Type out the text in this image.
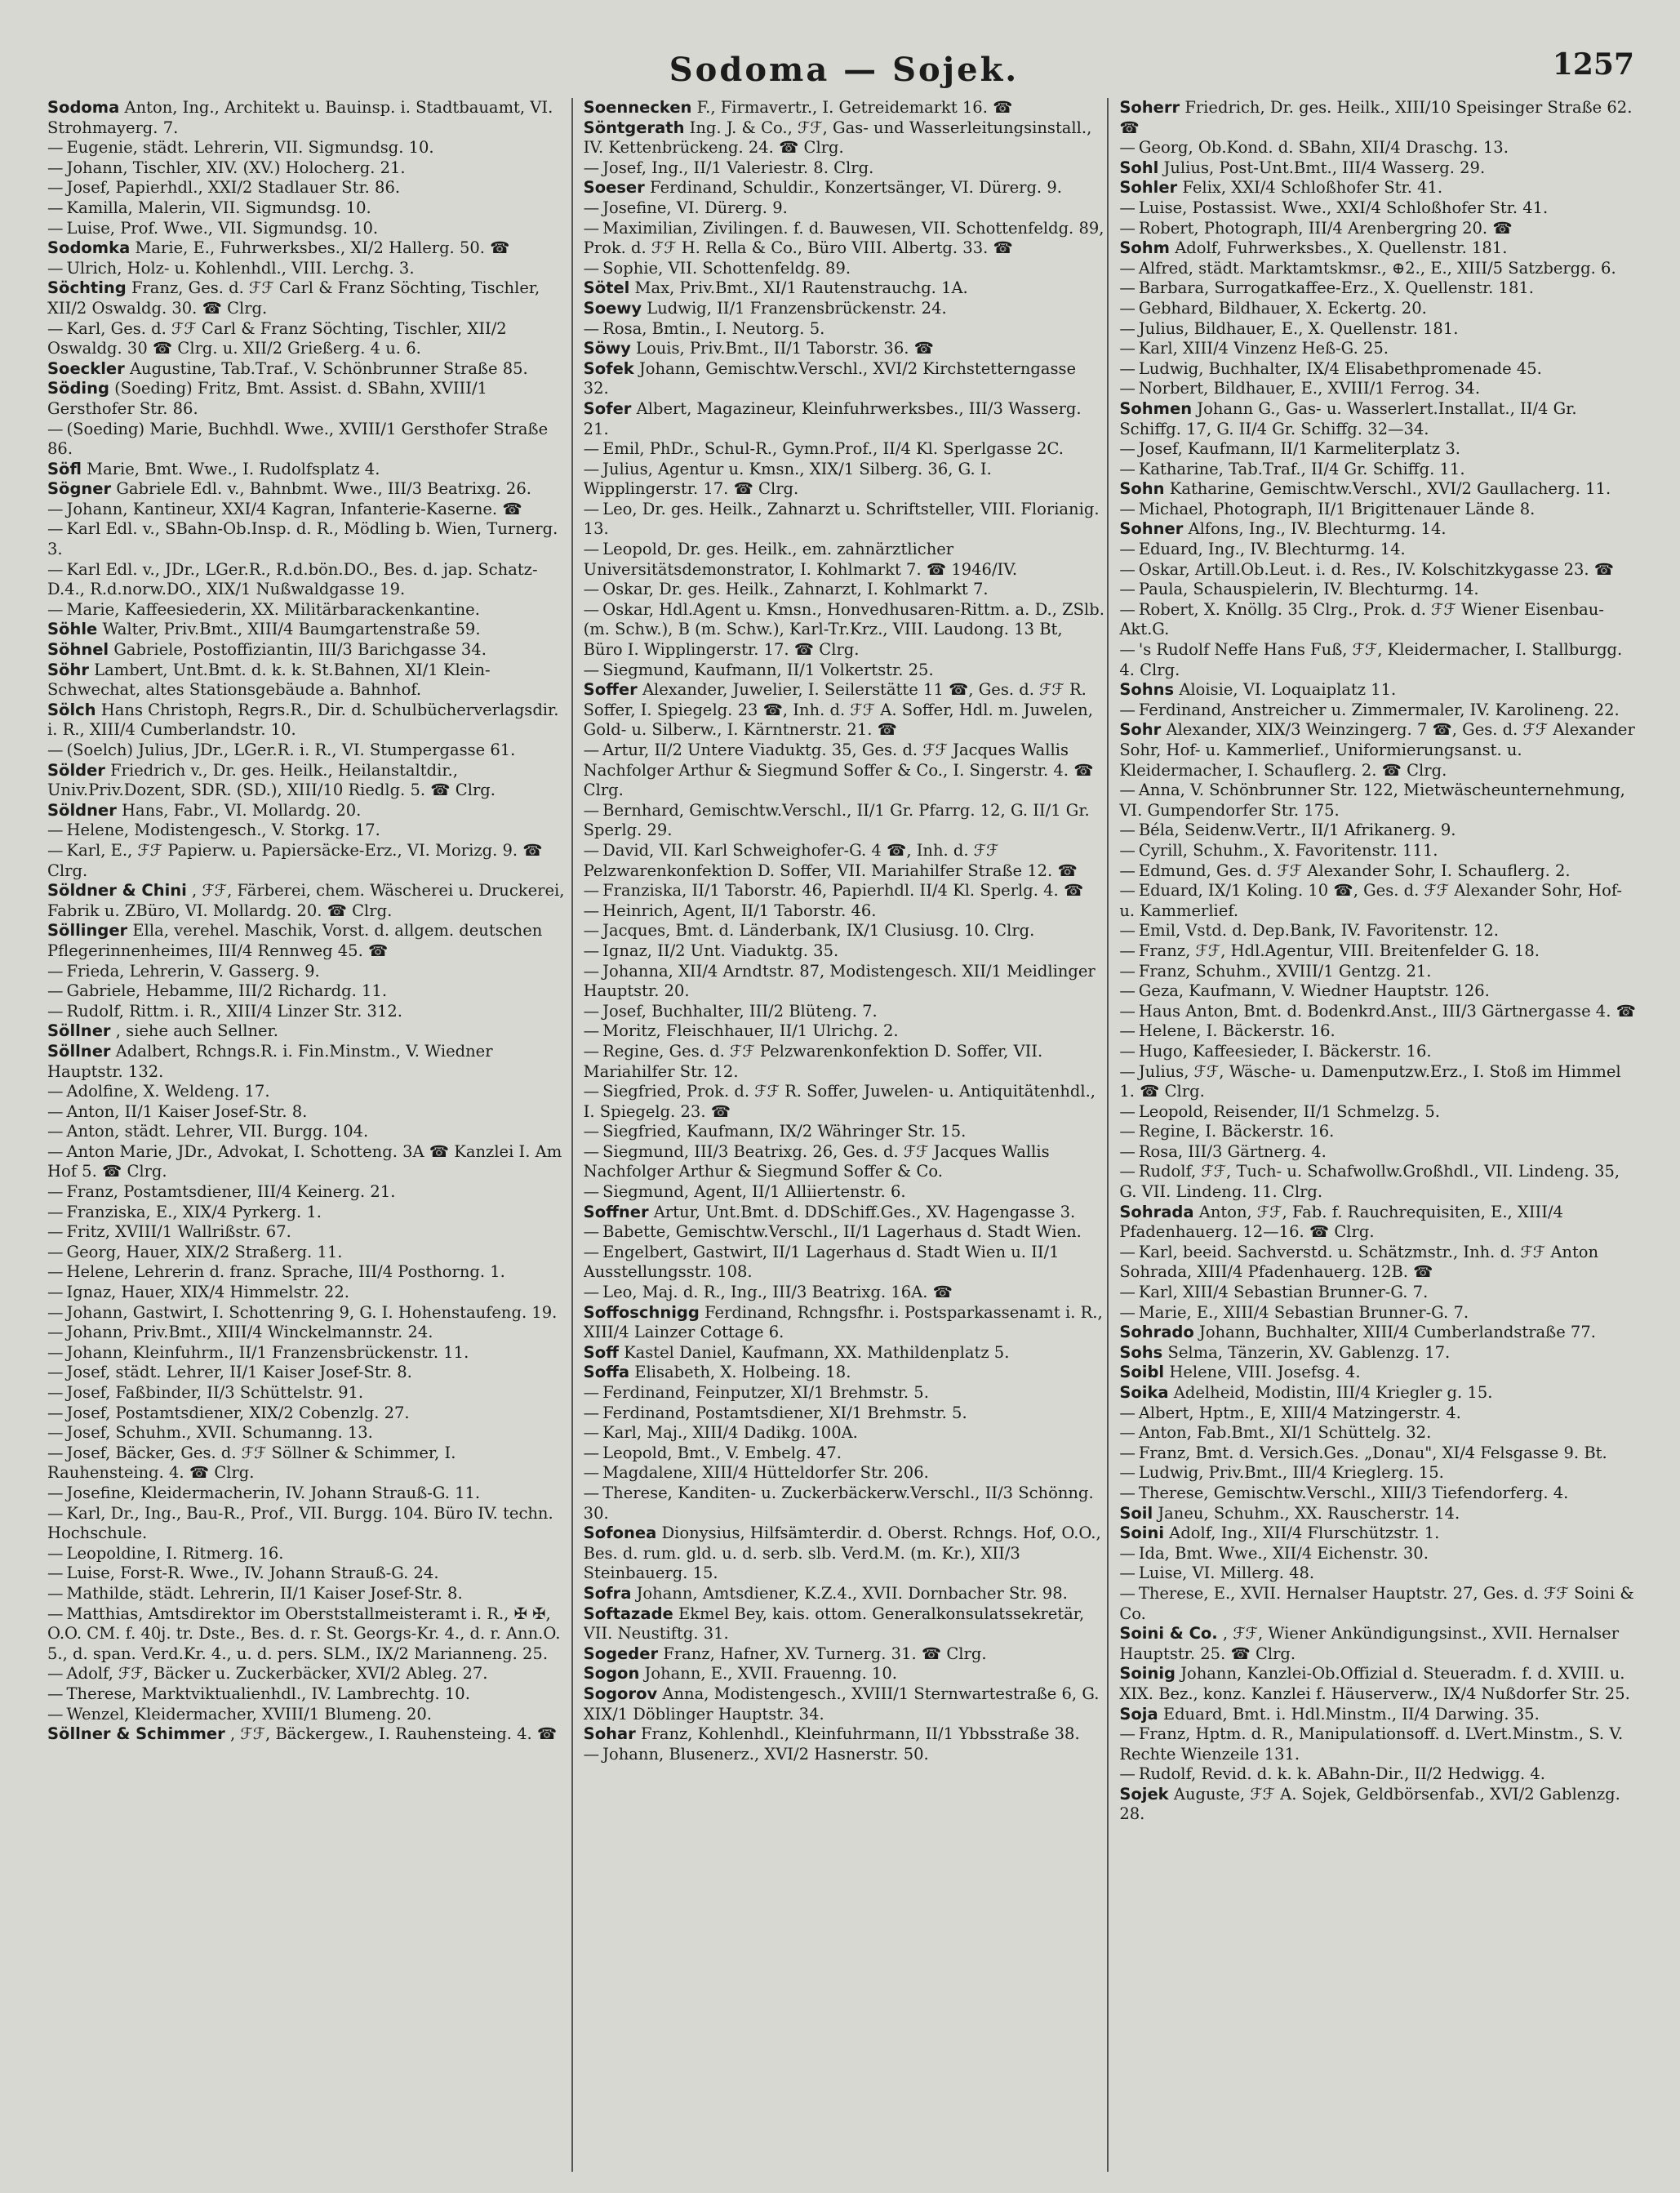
Sodoma — Sojek.	1257

Sodoma Anton, Ing., Architekt u. Bauinsp. i. Stadtbauamt, VI. Strohmayerg. 7.

— Eugenie, städt. Lehrerin, VII. Sigmundsg. 10.

— Johann, Tischler, XIV. (XV.) Holocherg. 21.

— Josef, Papierhdl., XXI/2 Stadlauer Str. 86.

— Kamilla, Malerin, VII. Sigmundsg. 10.

— Luise, Prof. Wwe., VII. Sigmundsg. 10.

Sodomka Marie, E., Fuhrwerksbes., XI/2 Hallerg. 50. ☎

— Ulrich, Holz- u. Kohlenhdl., VIII. Lerchg. 3.

Söchting Franz, Ges. d. ℱℱ Carl & Franz Söchting, Tischler, XII/2 Oswaldg. 30. ☎ Clrg.

— Karl, Ges. d. ℱℱ Carl & Franz Söchting, Tischler, XII/2 Oswaldg. 30 ☎ Clrg. u. XII/2 Grießerg. 4 u. 6.

Soeckler Augustine, Tab.Traf., V. Schönbrunner Straße 85.

Söding (Soeding) Fritz, Bmt. Assist. d. SBahn, XVIII/1 Gersthofer Str. 86.

— (Soeding) Marie, Buchhdl. Wwe., XVIII/1 Gersthofer Straße 86.

Söfl Marie, Bmt. Wwe., I. Rudolfsplatz 4.

Sögner Gabriele Edl. v., Bahnbmt. Wwe., III/3 Beatrixg. 26.

— Johann, Kantineur, XXI/4 Kagran, Infanterie-Kaserne. ☎

— Karl Edl. v., SBahn-Ob.Insp. d. R., Mödling b. Wien, Turnerg. 3.

— Karl Edl. v., JDr., LGer.R., R.d.bön.DO., Bes. d. jap. Schatz-D.4., R.d.norw.DO., XIX/1 Nußwaldgasse 19.

— Marie, Kaffeesiederin, XX. Militärbarackenkantine.

Söhle Walter, Priv.Bmt., XIII/4 Baumgartenstraße 59.

Söhnel Gabriele, Postoffiziantin, III/3 Barichgasse 34.

Söhr Lambert, Unt.Bmt. d. k. k. St.Bahnen, XI/1 Klein-Schwechat, altes Stationsgebäude a. Bahnhof.

Sölch Hans Christoph, Regrs.R., Dir. d. Schulbücherverlagsdir. i. R., XIII/4 Cumberlandstr. 10.

— (Soelch) Julius, JDr., LGer.R. i. R., VI. Stumpergasse 61.

Sölder Friedrich v., Dr. ges. Heilk., Heilanstaltdir., Univ.Priv.Dozent, SDR. (SD.), XIII/10 Riedlg. 5. ☎ Clrg.

Söldner Hans, Fabr., VI. Mollardg. 20.

— Helene, Modistengesch., V. Storkg. 17.

— Karl, E., ℱℱ Papierw. u. Papiersäcke-Erz., VI. Morizg. 9. ☎ Clrg.

Söldner & Chini , ℱℱ, Färberei, chem. Wäscherei u. Druckerei, Fabrik u. ZBüro, VI. Mollardg. 20. ☎ Clrg.

Söllinger Ella, verehel. Maschik, Vorst. d. allgem. deutschen Pflegerinnenheimes, III/4 Rennweg 45. ☎

— Frieda, Lehrerin, V. Gasserg. 9.

— Gabriele, Hebamme, III/2 Richardg. 11.

— Rudolf, Rittm. i. R., XIII/4 Linzer Str. 312.

Söllner , siehe auch Sellner.

Söllner Adalbert, Rchngs.R. i. Fin.Minstm., V. Wiedner Hauptstr. 132.

— Adolfine, X. Weldeng. 17.

— Anton, II/1 Kaiser Josef-Str. 8.

— Anton, städt. Lehrer, VII. Burgg. 104.

— Anton Marie, JDr., Advokat, I. Schotteng. 3A ☎ Kanzlei I. Am Hof 5. ☎ Clrg.

— Franz, Postamtsdiener, III/4 Keinerg. 21.

— Franziska, E., XIX/4 Pyrkerg. 1.

— Fritz, XVIII/1 Wallrißstr. 67.

— Georg, Hauer, XIX/2 Straßerg. 11.

— Helene, Lehrerin d. franz. Sprache, III/4 Posthorng. 1.

— Ignaz, Hauer, XIX/4 Himmelstr. 22.

— Johann, Gastwirt, I. Schottenring 9, G. I. Hohenstaufeng. 19.

— Johann, Priv.Bmt., XIII/4 Winckelmannstr. 24.

— Johann, Kleinfuhrm., II/1 Franzensbrückenstr. 11.

— Josef, städt. Lehrer, II/1 Kaiser Josef-Str. 8.

— Josef, Faßbinder, II/3 Schüttelstr. 91.

— Josef, Postamtsdiener, XIX/2 Cobenzlg. 27.

— Josef, Schuhm., XVII. Schumanng. 13.

— Josef, Bäcker, Ges. d. ℱℱ Söllner & Schimmer, I. Rauhensteing. 4. ☎ Clrg.

— Josefine, Kleidermacherin, IV. Johann Strauß-G. 11.

— Karl, Dr., Ing., Bau-R., Prof., VII. Burgg. 104. Büro IV. techn. Hochschule.

— Leopoldine, I. Ritmerg. 16.

— Luise, Forst-R. Wwe., IV. Johann Strauß-G. 24.

— Mathilde, städt. Lehrerin, II/1 Kaiser Josef-Str. 8.

— Matthias, Amtsdirektor im Oberststallmeisteramt i. R., ✠ ✠, O.O. CM. f. 40j. tr. Dste., Bes. d. r. St. Georgs-Kr. 4., d. r. Ann.O. 5., d. span. Verd.Kr. 4., u. d. pers. SLM., IX/2 Marianneng. 25.

— Adolf, ℱℱ, Bäcker u. Zuckerbäcker, XVI/2 Ableg. 27.

— Therese, Marktviktualienhdl., IV. Lambrechtg. 10.

— Wenzel, Kleidermacher, XVIII/1 Blumeng. 20.

Söllner & Schimmer , ℱℱ, Bäckergew., I. Rauhensteing. 4. ☎

Soennecken F., Firmavertr., I. Getreidemarkt 16. ☎

Söntgerath Ing. J. & Co., ℱℱ, Gas- und Wasserleitungsinstall., IV. Kettenbrückeng. 24. ☎ Clrg.

— Josef, Ing., II/1 Valeriestr. 8. Clrg.

Soeser Ferdinand, Schuldir., Konzertsänger, VI. Dürerg. 9.

— Josefine, VI. Dürerg. 9.

— Maximilian, Zivilingen. f. d. Bauwesen, VII. Schottenfeldg. 89, Prok. d. ℱℱ H. Rella & Co., Büro VIII. Albertg. 33. ☎

— Sophie, VII. Schottenfeldg. 89.

Sötel Max, Priv.Bmt., XI/1 Rautenstrauchg. 1A.

Soewy Ludwig, II/1 Franzensbrückenstr. 24.

— Rosa, Bmtin., I. Neutorg. 5.

Söwy Louis, Priv.Bmt., II/1 Taborstr. 36. ☎

Sofek Johann, Gemischtw.Verschl., XVI/2 Kirchstetterngasse 32.

Sofer Albert, Magazineur, Kleinfuhrwerksbes., III/3 Wasserg. 21.

— Emil, PhDr., Schul-R., Gymn.Prof., II/4 Kl. Sperlgasse 2C.

— Julius, Agentur u. Kmsn., XIX/1 Silberg. 36, G. I. Wipplingerstr. 17. ☎ Clrg.

— Leo, Dr. ges. Heilk., Zahnarzt u. Schriftsteller, VIII. Florianig. 13.

— Leopold, Dr. ges. Heilk., em. zahnärztlicher Universitätsdemonstrator, I. Kohlmarkt 7. ☎ 1946/IV.

— Oskar, Dr. ges. Heilk., Zahnarzt, I. Kohlmarkt 7.

— Oskar, Hdl.Agent u. Kmsn., Honvedhusaren-Rittm. a. D., ZSlb. (m. Schw.), B (m. Schw.), Karl-Tr.Krz., VIII. Laudong. 13 Bt, Büro I. Wipplingerstr. 17. ☎ Clrg.

— Siegmund, Kaufmann, II/1 Volkertstr. 25.

Soffer Alexander, Juwelier, I. Seilerstätte 11 ☎, Ges. d. ℱℱ R. Soffer, I. Spiegelg. 23 ☎, Inh. d. ℱℱ A. Soffer, Hdl. m. Juwelen, Gold- u. Silberw., I. Kärntnerstr. 21. ☎

— Artur, II/2 Untere Viaduktg. 35, Ges. d. ℱℱ Jacques Wallis Nachfolger Arthur & Siegmund Soffer & Co., I. Singerstr. 4. ☎ Clrg.

— Bernhard, Gemischtw.Verschl., II/1 Gr. Pfarrg. 12, G. II/1 Gr. Sperlg. 29.

— David, VII. Karl Schweighofer-G. 4 ☎, Inh. d. ℱℱ Pelzwarenkonfektion D. Soffer, VII. Mariahilfer Straße 12. ☎

— Franziska, II/1 Taborstr. 46, Papierhdl. II/4 Kl. Sperlg. 4. ☎

— Heinrich, Agent, II/1 Taborstr. 46.

— Jacques, Bmt. d. Länderbank, IX/1 Clusiusg. 10. Clrg.

— Ignaz, II/2 Unt. Viaduktg. 35.

— Johanna, XII/4 Arndtstr. 87, Modistengesch. XII/1 Meidlinger Hauptstr. 20.

— Josef, Buchhalter, III/2 Blüteng. 7.

— Moritz, Fleischhauer, II/1 Ulrichg. 2.

— Regine, Ges. d. ℱℱ Pelzwarenkonfektion D. Soffer, VII. Mariahilfer Str. 12.

— Siegfried, Prok. d. ℱℱ R. Soffer, Juwelen- u. Antiquitätenhdl., I. Spiegelg. 23. ☎

— Siegfried, Kaufmann, IX/2 Währinger Str. 15.

— Siegmund, III/3 Beatrixg. 26, Ges. d. ℱℱ Jacques Wallis Nachfolger Arthur & Siegmund Soffer & Co.

— Siegmund, Agent, II/1 Alliiertenstr. 6.

Soffner Artur, Unt.Bmt. d. DDSchiff.Ges., XV. Hagengasse 3.

— Babette, Gemischtw.Verschl., II/1 Lagerhaus d. Stadt Wien.

— Engelbert, Gastwirt, II/1 Lagerhaus d. Stadt Wien u. II/1 Ausstellungsstr. 108.

— Leo, Maj. d. R., Ing., III/3 Beatrixg. 16A. ☎

Soffoschnigg Ferdinand, Rchngsfhr. i. Postsparkassenamt i. R., XIII/4 Lainzer Cottage 6.

Soff Kastel Daniel, Kaufmann, XX. Mathildenplatz 5.

Soffa Elisabeth, X. Holbeing. 18.

— Ferdinand, Feinputzer, XI/1 Brehmstr. 5.

— Ferdinand, Postamtsdiener, XI/1 Brehmstr. 5.

— Karl, Maj., XIII/4 Dadikg. 100A.

— Leopold, Bmt., V. Embelg. 47.

— Magdalene, XIII/4 Hütteldorfer Str. 206.

— Therese, Kanditen- u. Zuckerbäckerw.Verschl., II/3 Schönng. 30.

Sofonea Dionysius, Hilfsämterdir. d. Oberst. Rchngs. Hof, O.O., Bes. d. rum. gld. u. d. serb. slb. Verd.M. (m. Kr.), XII/3 Steinbauerg. 15.

Sofra Johann, Amtsdiener, K.Z.4., XVII. Dornbacher Str. 98.

Softazade Ekmel Bey, kais. ottom. Generalkonsulatssekretär, VII. Neustiftg. 31.

Sogeder Franz, Hafner, XV. Turnerg. 31. ☎ Clrg.

Sogon Johann, E., XVII. Frauenng. 10.

Sogorov Anna, Modistengesch., XVIII/1 Sternwartestraße 6, G. XIX/1 Döblinger Hauptstr. 34.

Sohar Franz, Kohlenhdl., Kleinfuhrmann, II/1 Ybbsstraße 38.

— Johann, Blusenerz., XVI/2 Hasnerstr. 50.

Soherr Friedrich, Dr. ges. Heilk., XIII/10 Speisinger Straße 62. ☎

— Georg, Ob.Kond. d. SBahn, XII/4 Draschg. 13.

Sohl Julius, Post-Unt.Bmt., III/4 Wasserg. 29.

Sohler Felix, XXI/4 Schloßhofer Str. 41.

— Luise, Postassist. Wwe., XXI/4 Schloßhofer Str. 41.

— Robert, Photograph, III/4 Arenbergring 20. ☎

Sohm Adolf, Fuhrwerksbes., X. Quellenstr. 181.

— Alfred, städt. Marktamtskmsr., ⊕2., E., XIII/5 Satzbergg. 6.

— Barbara, Surrogatkaffee-Erz., X. Quellenstr. 181.

— Gebhard, Bildhauer, X. Eckertg. 20.

— Julius, Bildhauer, E., X. Quellenstr. 181.

— Karl, XIII/4 Vinzenz Heß-G. 25.

— Ludwig, Buchhalter, IX/4 Elisabethpromenade 45.

— Norbert, Bildhauer, E., XVIII/1 Ferrog. 34.

Sohmen Johann G., Gas- u. Wasserlert.Installat., II/4 Gr. Schiffg. 17, G. II/4 Gr. Schiffg. 32—34.

— Josef, Kaufmann, II/1 Karmeliterplatz 3.

— Katharine, Tab.Traf., II/4 Gr. Schiffg. 11.

Sohn Katharine, Gemischtw.Verschl., XVI/2 Gaullacherg. 11.

— Michael, Photograph, II/1 Brigittenauer Lände 8.

Sohner Alfons, Ing., IV. Blechturmg. 14.

— Eduard, Ing., IV. Blechturmg. 14.

— Oskar, Artill.Ob.Leut. i. d. Res., IV. Kolschitzkygasse 23. ☎

— Paula, Schauspielerin, IV. Blechturmg. 14.

— Robert, X. Knöllg. 35 Clrg., Prok. d. ℱℱ Wiener Eisenbau-Akt.G.

— 's Rudolf Neffe Hans Fuß, ℱℱ, Kleidermacher, I. Stallburgg. 4. Clrg.

Sohns Aloisie, VI. Loquaiplatz 11.

— Ferdinand, Anstreicher u. Zimmermaler, IV. Karolineng. 22.

Sohr Alexander, XIX/3 Weinzingerg. 7 ☎, Ges. d. ℱℱ Alexander Sohr, Hof- u. Kammerlief., Uniformierungsanst. u. Kleidermacher, I. Schauflerg. 2. ☎ Clrg.

— Anna, V. Schönbrunner Str. 122, Mietwäscheunternehmung, VI. Gumpendorfer Str. 175.

— Béla, Seidenw.Vertr., II/1 Afrikanerg. 9.

— Cyrill, Schuhm., X. Favoritenstr. 111.

— Edmund, Ges. d. ℱℱ Alexander Sohr, I. Schauflerg. 2.

— Eduard, IX/1 Koling. 10 ☎, Ges. d. ℱℱ Alexander Sohr, Hof- u. Kammerlief.

— Emil, Vstd. d. Dep.Bank, IV. Favoritenstr. 12.

— Franz, ℱℱ, Hdl.Agentur, VIII. Breitenfelder G. 18.

— Franz, Schuhm., XVIII/1 Gentzg. 21.

— Geza, Kaufmann, V. Wiedner Hauptstr. 126.

— Haus Anton, Bmt. d. Bodenkrd.Anst., III/3 Gärtnergasse 4. ☎

— Helene, I. Bäckerstr. 16.

— Hugo, Kaffeesieder, I. Bäckerstr. 16.

— Julius, ℱℱ, Wäsche- u. Damenputzw.Erz., I. Stoß im Himmel 1. ☎ Clrg.

— Leopold, Reisender, II/1 Schmelzg. 5.

— Regine, I. Bäckerstr. 16.

— Rosa, III/3 Gärtnerg. 4.

— Rudolf, ℱℱ, Tuch- u. Schafwollw.Großhdl., VII. Lindeng. 35, G. VII. Lindeng. 11. Clrg.

Sohrada Anton, ℱℱ, Fab. f. Rauchrequisiten, E., XIII/4 Pfadenhauerg. 12—16. ☎ Clrg.

— Karl, beeid. Sachverstd. u. Schätzmstr., Inh. d. ℱℱ Anton Sohrada, XIII/4 Pfadenhauerg. 12B. ☎

— Karl, XIII/4 Sebastian Brunner-G. 7.

— Marie, E., XIII/4 Sebastian Brunner-G. 7.

Sohrado Johann, Buchhalter, XIII/4 Cumberlandstraße 77.

Sohs Selma, Tänzerin, XV. Gablenzg. 17.

Soibl Helene, VIII. Josefsg. 4.

Soika Adelheid, Modistin, III/4 Kriegler g. 15.

— Albert, Hptm., E, XIII/4 Matzingerstr. 4.

— Anton, Fab.Bmt., XI/1 Schüttelg. 32.

— Franz, Bmt. d. Versich.Ges. „Donau", XI/4 Felsgasse 9. Bt.

— Ludwig, Priv.Bmt., III/4 Krieglerg. 15.

— Therese, Gemischtw.Verschl., XIII/3 Tiefendorferg. 4.

Soil Janeu, Schuhm., XX. Rauscherstr. 14.

Soini Adolf, Ing., XII/4 Flurschützstr. 1.

— Ida, Bmt. Wwe., XII/4 Eichenstr. 30.

— Luise, VI. Millerg. 48.

— Therese, E., XVII. Hernalser Hauptstr. 27, Ges. d. ℱℱ Soini & Co.

Soini & Co. , ℱℱ, Wiener Ankündigungsinst., XVII. Hernalser Hauptstr. 25. ☎ Clrg.

Soinig Johann, Kanzlei-Ob.Offizial d. Steueradm. f. d. XVIII. u. XIX. Bez., konz. Kanzlei f. Häuserverw., IX/4 Nußdorfer Str. 25.

Soja Eduard, Bmt. i. Hdl.Minstm., II/4 Darwing. 35.

— Franz, Hptm. d. R., Manipulationsoff. d. LVert.Minstm., S. V. Rechte Wienzeile 131.

— Rudolf, Revid. d. k. k. ABahn-Dir., II/2 Hedwigg. 4.

Sojek Auguste, ℱℱ A. Sojek, Geldbörsenfab., XVI/2 Gablenzg. 28.
